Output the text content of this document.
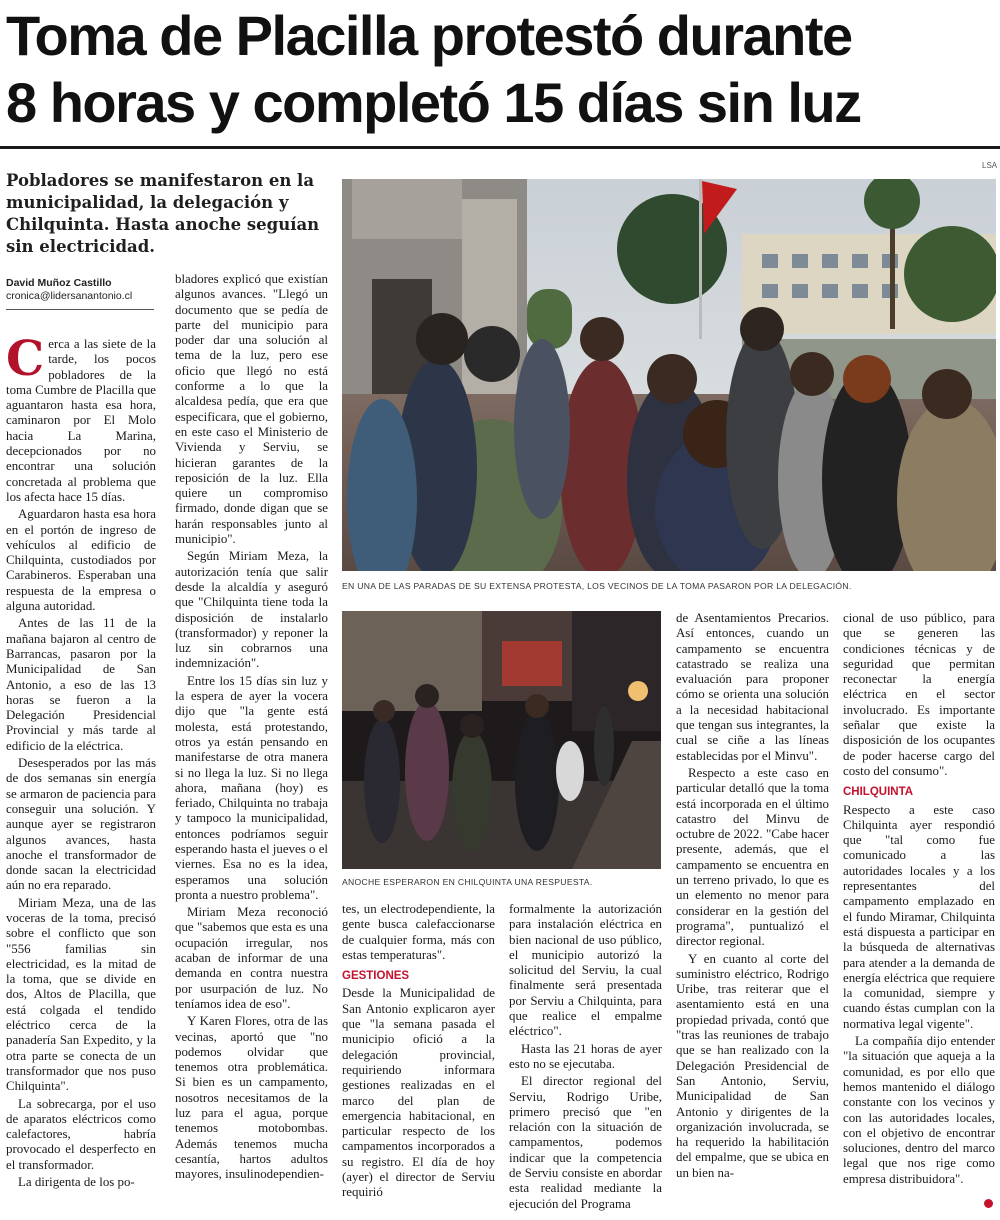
Toma de Placilla protestó durante
8 horas y completó 15 días sin luz

Pobladores se manifestaron en la municipalidad, la delegación y Chilquinta. Hasta anoche seguían sin electricidad.

David Muñoz Castillo
cronica@lidersanantonio.cl
LSA
EN UNA DE LAS PARADAS DE SU EXTENSA PROTESTA, LOS VECINOS DE LA TOMA PASARON POR LA DELEGACIÓN.
ANOCHE ESPERARON EN CHILQUINTA UNA RESPUESTA.

Cerca a las siete de la tarde, los pocos pobladores de la toma Cumbre de Placilla que aguantaron hasta esa hora, caminaron por El Molo hacia La Marina, decepcionados por no encontrar una solución concretada al problema que los afecta hace 15 días.

Aguardaron hasta esa hora en el portón de ingreso de vehículos al edificio de Chilquinta, custodiados por Carabineros. Esperaban una respuesta de la empresa o alguna autoridad.

Antes de las 11 de la mañana bajaron al centro de Barrancas, pasaron por la Municipalidad de San Antonio, a eso de las 13 horas se fueron a la Delegación Presidencial Provincial y más tarde al edificio de la eléctrica.

Desesperados por las más de dos semanas sin energía se armaron de paciencia para conseguir una solución. Y aunque ayer se registraron algunos avances, hasta anoche el transformador de donde sacan la electricidad aún no era reparado.

Miriam Meza, una de las voceras de la toma, precisó sobre el conflicto que son "556 familias sin electricidad, es la mitad de la toma, que se divide en dos, Altos de Placilla, que está colgada el tendido eléctrico cerca de la panadería San Expedito, y la otra parte se conecta de un transformador que nos puso Chilquinta".

La sobrecarga, por el uso de aparatos eléctricos como calefactores, habría provocado el desperfecto en el transformador.

La dirigenta de los po-

bladores explicó que existían algunos avances. "Llegó un documento que se pedía de parte del municipio para poder dar una solución al tema de la luz, pero ese oficio que llegó no está conforme a lo que la alcaldesa pedía, que era que especificara, que el gobierno, en este caso el Ministerio de Vivienda y Serviu, se hicieran garantes de la reposición de la luz. Ella quiere un compromiso firmado, donde digan que se harán responsables junto al municipio".

Según Miriam Meza, la autorización tenía que salir desde la alcaldía y aseguró que "Chilquinta tiene toda la disposición de instalarlo (transformador) y reponer la luz sin cobrarnos una indemnización".

Entre los 15 días sin luz y la espera de ayer la vocera dijo que "la gente está molesta, está protestando, otros ya están pensando en manifestarse de otra manera si no llega la luz. Si no llega ahora, mañana (hoy) es feriado, Chilquinta no trabaja y tampoco la municipalidad, entonces podríamos seguir esperando hasta el jueves o el viernes. Esa no es la idea, esperamos una solución pronta a nuestro problema".

Miriam Meza reconoció que "sabemos que esta es una ocupación irregular, nos acaban de informar de una demanda en contra nuestra por usurpación de luz. No teníamos idea de eso".

Y Karen Flores, otra de las vecinas, aportó que "no podemos olvidar que tenemos otra problemática. Si bien es un campamento, nosotros necesitamos de la luz para el agua, porque tenemos motobombas. Además tenemos mucha cesantía, hartos adultos mayores, insulinodependien-

tes, un electrodependiente, la gente busca calefaccionarse de cualquier forma, más con estas temperaturas".

GESTIONES

Desde la Municipalidad de San Antonio explicaron ayer que "la semana pasada el municipio ofició a la delegación provincial, requiriendo informara gestiones realizadas en el marco del plan de emergencia habitacional, en particular respecto de los campamentos incorporados a su registro. El día de hoy (ayer) el director de Serviu requirió

formalmente la autorización para instalación eléctrica en bien nacional de uso público, el municipio autorizó la solicitud del Serviu, la cual finalmente será presentada por Serviu a Chilquinta, para que realice el empalme eléctrico".

Hasta las 21 horas de ayer esto no se ejecutaba.

El director regional del Serviu, Rodrigo Uribe, primero precisó que "en relación con la situación de campamentos, podemos indicar que la competencia de Serviu consiste en abordar esta realidad mediante la ejecución del Programa

de Asentamientos Precarios. Así entonces, cuando un campamento se encuentra catastrado se realiza una evaluación para proponer cómo se orienta una solución a la necesidad habitacional que tengan sus integrantes, la cual se ciñe a las líneas establecidas por el Minvu".

Respecto a este caso en particular detalló que la toma está incorporada en el último catastro del Minvu de octubre de 2022. "Cabe hacer presente, además, que el campamento se encuentra en un terreno privado, lo que es un elemento no menor para considerar en la gestión del programa", puntualizó el director regional.

Y en cuanto al corte del suministro eléctrico, Rodrigo Uribe, tras reiterar que el asentamiento está en una propiedad privada, contó que "tras las reuniones de trabajo que se han realizado con la Delegación Presidencial de San Antonio, Serviu, Municipalidad de San Antonio y dirigentes de la organización involucrada, se ha requerido la habilitación del empalme, que se ubica en un bien na-

cional de uso público, para que se generen las condiciones técnicas y de seguridad que permitan reconectar la energía eléctrica en el sector involucrado. Es importante señalar que existe la disposición de los ocupantes de poder hacerse cargo del costo del consumo".

CHILQUINTA

Respecto a este caso Chilquinta ayer respondió que "tal como fue comunicado a las autoridades locales y a los representantes del campamento emplazado en el fundo Miramar, Chilquinta está dispuesta a participar en la búsqueda de alternativas para atender a la demanda de energía eléctrica que requiere la comunidad, siempre y cuando éstas cumplan con la normativa legal vigente".

La compañía dijo entender "la situación que aqueja a la comunidad, es por ello que hemos mantenido el diálogo constante con los vecinos y con las autoridades locales, con el objetivo de encontrar soluciones, dentro del marco legal que nos rige como empresa distribuidora".
